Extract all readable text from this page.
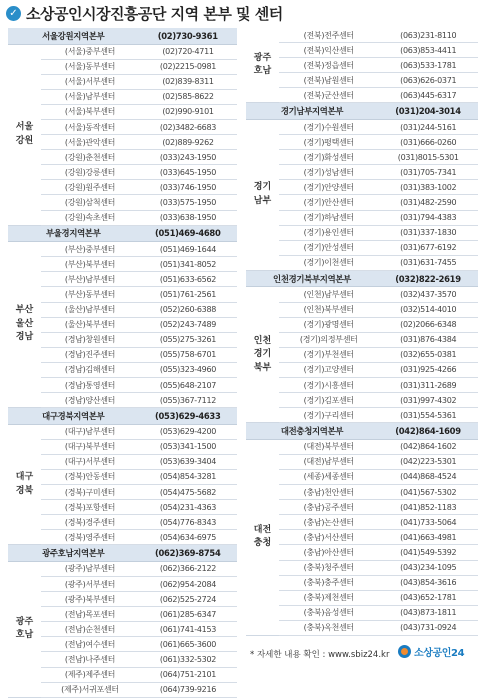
✓ 소상공인시장진흥공단 지역 본부 및 센터
서울강원지역본부	(02)730-9361
서울
강원
(서울)중부센터	(02)720-4711
(서울)동부센터	(02)2215-0981
(서울)서부센터	(02)839-8311
(서울)남부센터	(02)585-8622
(서울)북부센터	(02)990-9101
(서울)동작센터	(02)3482-6683
(서울)관악센터	(02)889-9262
(강원)춘천센터	(033)243-1950
(강원)강릉센터	(033)645-1950
(강원)원주센터	(033)746-1950
(강원)삼척센터	(033)575-1950
(강원)속초센터	(033)638-1950
부울경지역본부	(051)469-4680
부산
울산
경남
(부산)중부센터	(051)469-1644
(부산)북부센터	(051)341-8052
(부산)남부센터	(051)633-6562
(부산)동부센터	(051)761-2561
(울산)남부센터	(052)260-6388
(울산)북부센터	(052)243-7489
(경남)창원센터	(055)275-3261
(경남)진주센터	(055)758-6701
(경남)김해센터	(055)323-4960
(경남)통영센터	(055)648-2107
(경남)양산센터	(055)367-7112
대구경북지역본부	(053)629-4633
대구
경북
(대구)남부센터	(053)629-4200
(대구)북부센터	(053)341-1500
(대구)서부센터	(053)639-3404
(경북)안동센터	(054)854-3281
(경북)구미센터	(054)475-5682
(경북)포항센터	(054)231-4363
(경북)경주센터	(054)776-8343
(경북)영주센터	(054)634-6975
광주호남지역본부	(062)369-8754
광주
호남
(광주)남부센터	(062)366-2122
(광주)서부센터	(062)954-2084
(광주)북부센터	(062)525-2724
(전남)목포센터	(061)285-6347
(전남)순천센터	(061)741-4153
(전남)여수센터	(061)665-3600
(전남)나주센터	(061)332-5302
(제주)제주센터	(064)751-2101
(제주)서귀포센터	(064)739-9216
광주
호남
(전북)전주센터	(063)231-8110
(전북)익산센터	(063)853-4411
(전북)정읍센터	(063)533-1781
(전북)남원센터	(063)626-0371
(전북)군산센터	(063)445-6317
경기남부지역본부	(031)204-3014
경기
남부
(경기)수원센터	(031)244-5161
(경기)평택센터	(031)666-0260
(경기)화성센터	(031)8015-5301
(경기)성남센터	(031)705-7341
(경기)안양센터	(031)383-1002
(경기)안산센터	(031)482-2590
(경기)하남센터	(031)794-4383
(경기)용인센터	(031)337-1830
(경기)안성센터	(031)677-6192
(경기)이천센터	(031)631-7455
인천경기북부지역본부	(032)822-2619
인천
경기
북부
(인천)남부센터	(032)437-3570
(인천)북부센터	(032)514-4010
(경기)광명센터	(02)2066-6348
(경기)의정부센터	(031)876-4384
(경기)부천센터	(032)655-0381
(경기)고양센터	(031)925-4266
(경기)시흥센터	(031)311-2689
(경기)김포센터	(031)997-4302
(경기)구리센터	(031)554-5361
대전충청지역본부	(042)864-1609
대전
충청
(대전)북부센터	(042)864-1602
(대전)남부센터	(042)223-5301
(세종)세종센터	(044)868-4524
(충남)천안센터	(041)567-5302
(충남)공주센터	(041)852-1183
(충남)논산센터	(041)733-5064
(충남)서산센터	(041)663-4981
(충남)아산센터	(041)549-5392
(충북)청주센터	(043)234-1095
(충북)충주센터	(043)854-3616
(충북)제천센터	(043)652-1781
(충북)음성센터	(043)873-1811
(충북)옥천센터	(043)731-0924
* 자세한 내용 확인 : www.sbiz24.kr 소상공인24
